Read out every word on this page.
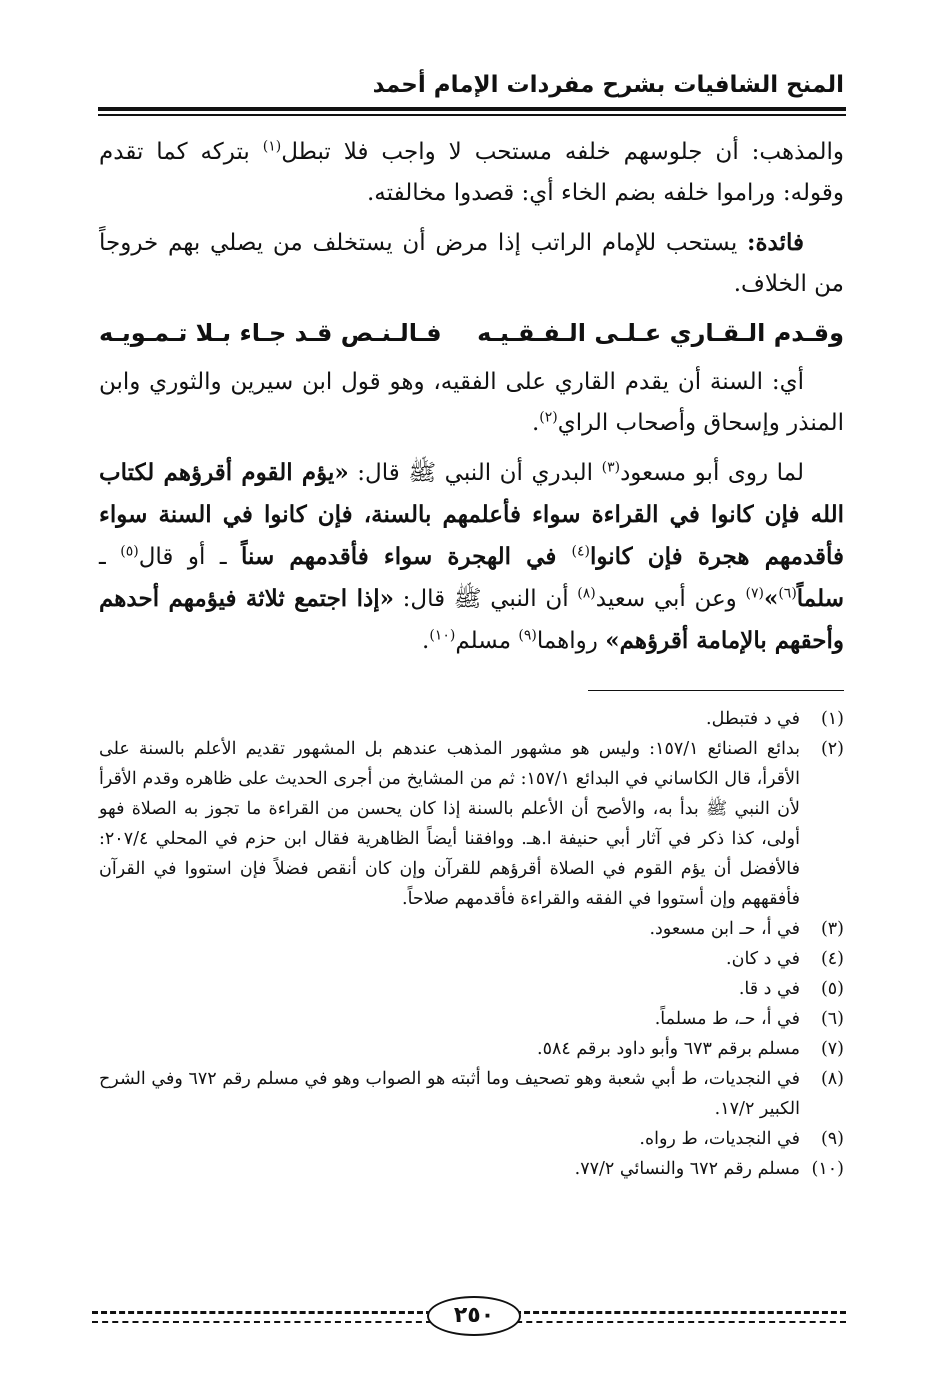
المنح الشافيات بشرح مفردات الإمام أحمد

والمذهب: أن جلوسهم خلفه مستحب لا واجب فلا تبطل$^{(١)}$ بتركه كما تقدم وقوله: وراموا خلفه بضم الخاء أي: قصدوا مخالفته.

فائدة: يستحب للإمام الراتب إذا مرض أن يستخلف من يصلي بهم خروجاً من الخلاف.

وقـدم الـقـاري عـلـى الـفـقـيـه
فـالـنـص قـد جـاء بـلا تـمـويـه

أي: السنة أن يقدم القاري على الفقيه، وهو قول ابن سيرين والثوري وابن المنذر وإسحاق وأصحاب الراي$^{(٢)}$.

لما روى أبو مسعود$^{(٣)}$ البدري أن النبي ﷺ قال: «يؤم القوم أقرؤهم لكتاب الله فإن كانوا في القراءة سواء فأعلمهم بالسنة، فإن كانوا في السنة سواء فأقدمهم هجرة فإن كانوا$^{(٤)}$ في الهجرة سواء فأقدمهم سناً ـ أو قال$^{(٥)}$ ـ سلماً$^{(٦)}$»$^{(٧)}$ وعن أبي سعيد$^{(٨)}$ أن النبي ﷺ قال: «إذا اجتمع ثلاثة فيؤمهم أحدهم وأحقهم بالإمامة أقرؤهم» رواهما$^{(٩)}$ مسلم$^{(١٠)}$.

(١)
في د فتبطل.
(٢)
بدائع الصنائع ١٥٧/١: وليس هو مشهور المذهب عندهم بل المشهور تقديم الأعلم بالسنة على الأقرأ، قال الكاساني في البدائع ١٥٧/١: ثم من المشايخ من أجرى الحديث على ظاهره وقدم الأقرأ لأن النبي ﷺ بدأ به، والأصح أن الأعلم بالسنة إذا كان يحسن من القراءة ما تجوز به الصلاة فهو أولى، كذا ذكر في آثار أبي حنيفة ا.هـ. ووافقنا أيضاً الظاهرية فقال ابن حزم في المحلي ٢٠٧/٤: فالأفضل أن يؤم القوم في الصلاة أقرؤهم للقرآن وإن كان أنقص فضلاً فإن استووا في القرآن فأفقههم وإن أستووا في الفقه والقراءة فأقدمهم صلاحاً.
(٣)
في أ، حـ ابن مسعود.
(٤)
في د كان.
(٥)
في د قا.
(٦)
في أ، حـ، ط مسلماً.
(٧)
مسلم برقم ٦٧٣ وأبو داود برقم ٥٨٤.
(٨)
في النجديات، ط أبي شعبة وهو تصحيف وما أثبته هو الصواب وهو في مسلم رقم ٦٧٢ وفي الشرح الكبير ١٧/٢.
(٩)
في النجديات، ط رواه.
(١٠)
مسلم رقم ٦٧٢ والنسائي ٧٧/٢.
٢٥٠
